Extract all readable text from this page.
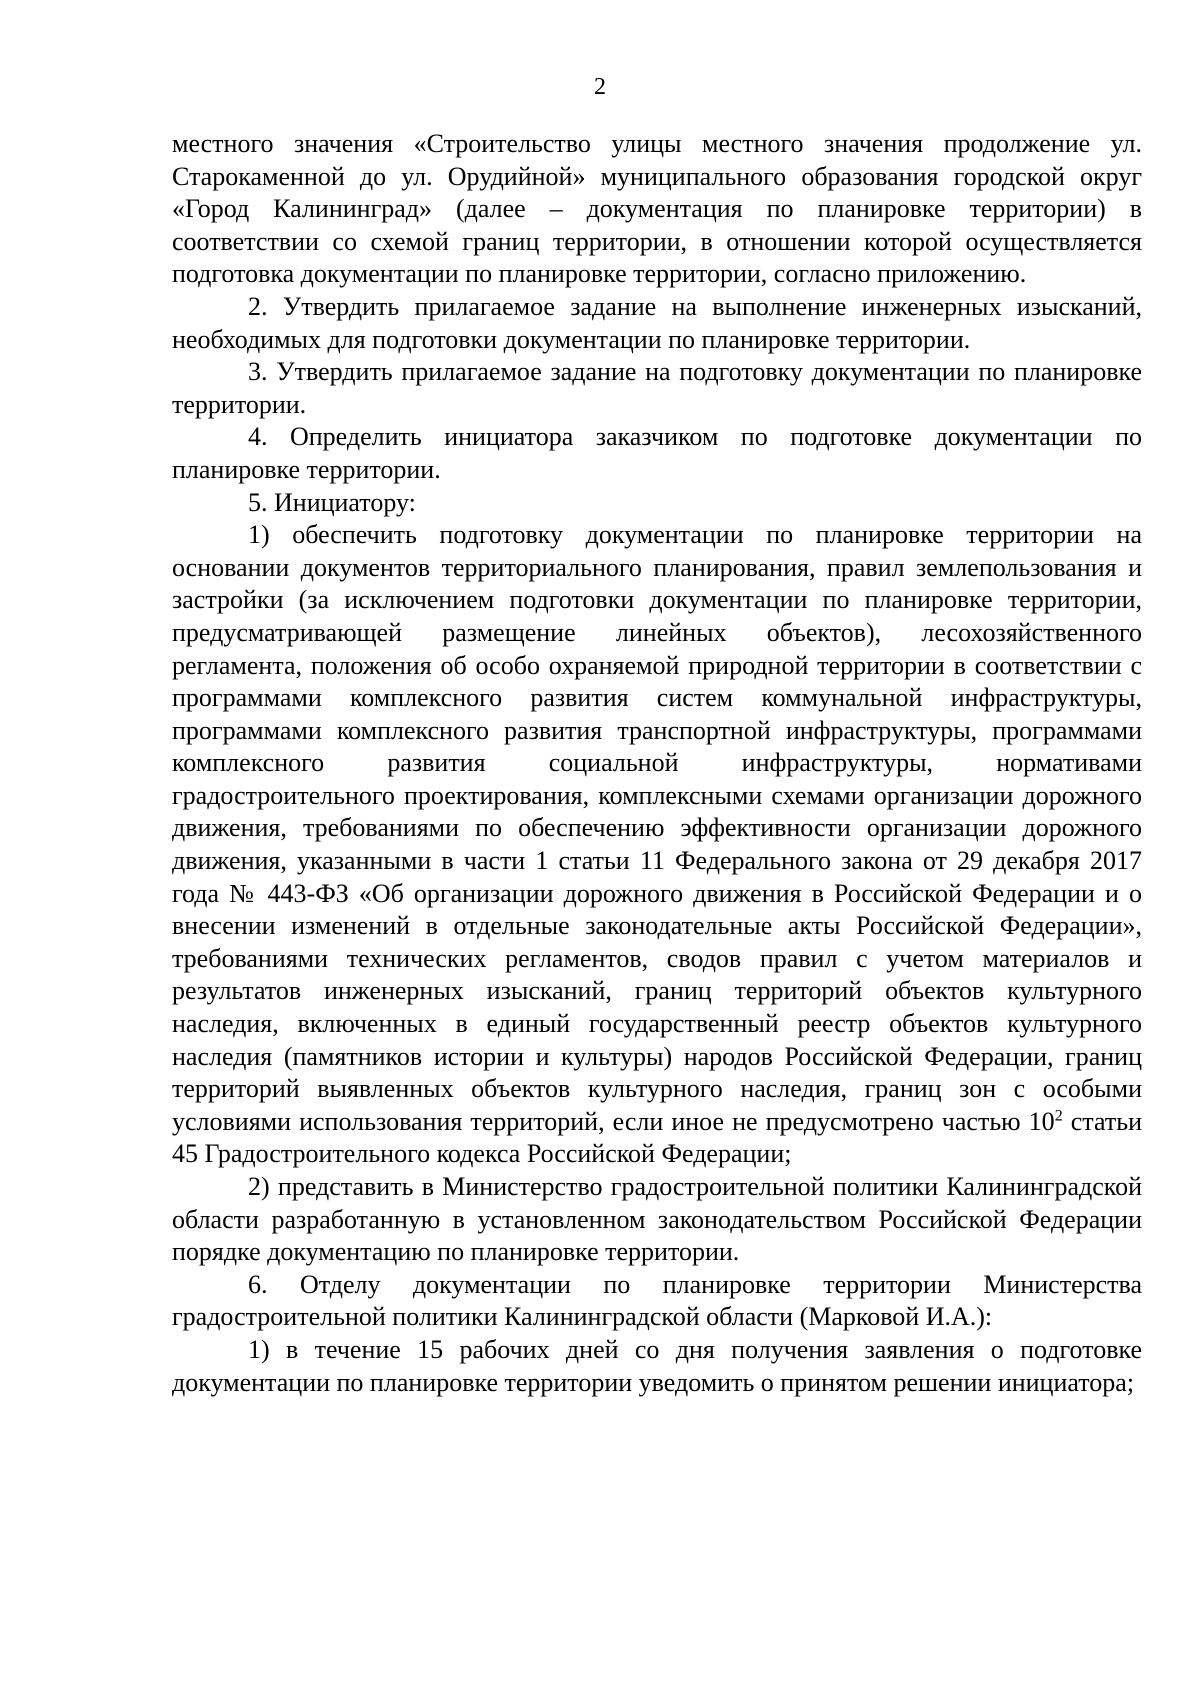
2

местного значения «Строительство улицы местного значения продолжение ул. Старокаменной до ул. Орудийной» муниципального образования городской округ «Город Калининград» (далее – документация по планировке территории) в соответствии со схемой границ территории, в отношении которой осуществляется подготовка документации по планировке территории, согласно приложению.

2. Утвердить прилагаемое задание на выполнение инженерных изысканий, необходимых для подготовки документации по планировке территории.

3. Утвердить прилагаемое задание на подготовку документации по планировке территории.

4. Определить инициатора заказчиком по подготовке документации по планировке территории.

5. Инициатору:

1) обеспечить подготовку документации по планировке территории на основании документов территориального планирования, правил землепользования и застройки (за исключением подготовки документации по планировке территории, предусматривающей размещение линейных объектов), лесохозяйственного регламента, положения об особо охраняемой природной территории в соответствии с программами комплексного развития систем коммунальной инфраструктуры, программами комплексного развития транспортной инфраструктуры, программами комплексного развития социальной инфраструктуры, нормативами градостроительного проектирования, комплексными схемами организации дорожного движения, требованиями по обеспечению эффективности организации дорожного движения, указанными в части 1 статьи 11 Федерального закона от 29 декабря 2017 года № 443-ФЗ «Об организации дорожного движения в Российской Федерации и о внесении изменений в отдельные законодательные акты Российской Федерации», требованиями технических регламентов, сводов правил с учетом материалов и результатов инженерных изысканий, границ территорий объектов культурного наследия, включенных в единый государственный реестр объектов культурного наследия (памятников истории и культуры) народов Российской Федерации, границ территорий выявленных объектов культурного наследия, границ зон с особыми условиями использования территорий, если иное не предусмотрено частью $10^2$ статьи 45 Градостроительного кодекса Российской Федерации;

2) представить в Министерство градостроительной политики Калининградской области разработанную в установленном законодательством Российской Федерации порядке документацию по планировке территории.

6. Отделу документации по планировке территории Министерства градостроительной политики Калининградской области (Марковой И.А.):

1) в течение 15 рабочих дней со дня получения заявления о подготовке документации по планировке территории уведомить о принятом решении инициатора;
